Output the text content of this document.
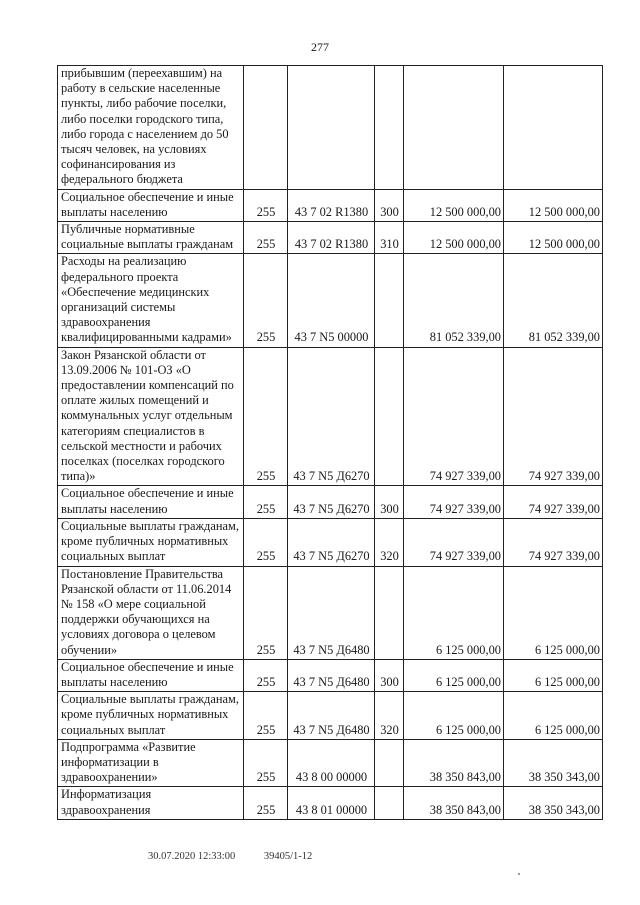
277
прибывшим (переехавшим) на работу в сельские населенные пункты, либо рабочие поселки, либо поселки городского типа, либо города с населением до 50 тысяч человек, на условиях софинансирования из федерального бюджета					
Социальное обеспечение и иные выплаты населению	255	43 7 02 R1380	300	12 500 000,00	12 500 000,00
Публичные нормативные социальные выплаты гражданам	255	43 7 02 R1380	310	12 500 000,00	12 500 000,00
Расходы на реализацию федерального проекта «Обеспечение медицинских организаций системы здравоохранения квалифицированными кадрами»	255	43 7 N5 00000		81 052 339,00	81 052 339,00
Закон Рязанской области от 13.09.2006 № 101-ОЗ «О предоставлении компенсаций по оплате жилых помещений и коммунальных услуг отдельным категориям специалистов в сельской местности и рабочих поселках (поселках городского типа)»	255	43 7 N5 Д6270		74 927 339,00	74 927 339,00
Социальное обеспечение и иные выплаты населению	255	43 7 N5 Д6270	300	74 927 339,00	74 927 339,00
Социальные выплаты гражданам, кроме публичных нормативных социальных выплат	255	43 7 N5 Д6270	320	74 927 339,00	74 927 339,00
Постановление Правительства Рязанской области от 11.06.2014 № 158 «О мере социальной поддержки обучающихся на условиях договора о целевом обучении»	255	43 7 N5 Д6480		6 125 000,00	6 125 000,00
Социальное обеспечение и иные выплаты населению	255	43 7 N5 Д6480	300	6 125 000,00	6 125 000,00
Социальные выплаты гражданам, кроме публичных нормативных социальных выплат	255	43 7 N5 Д6480	320	6 125 000,00	6 125 000,00
Подпрограмма «Развитие информатизации в здравоохранении»	255	43 8 00 00000		38 350 843,00	38 350 343,00
Информатизация здравоохранения	255	43 8 01 00000		38 350 843,00	38 350 343,00
30.07.2020 12:33:00	39405/1-12
